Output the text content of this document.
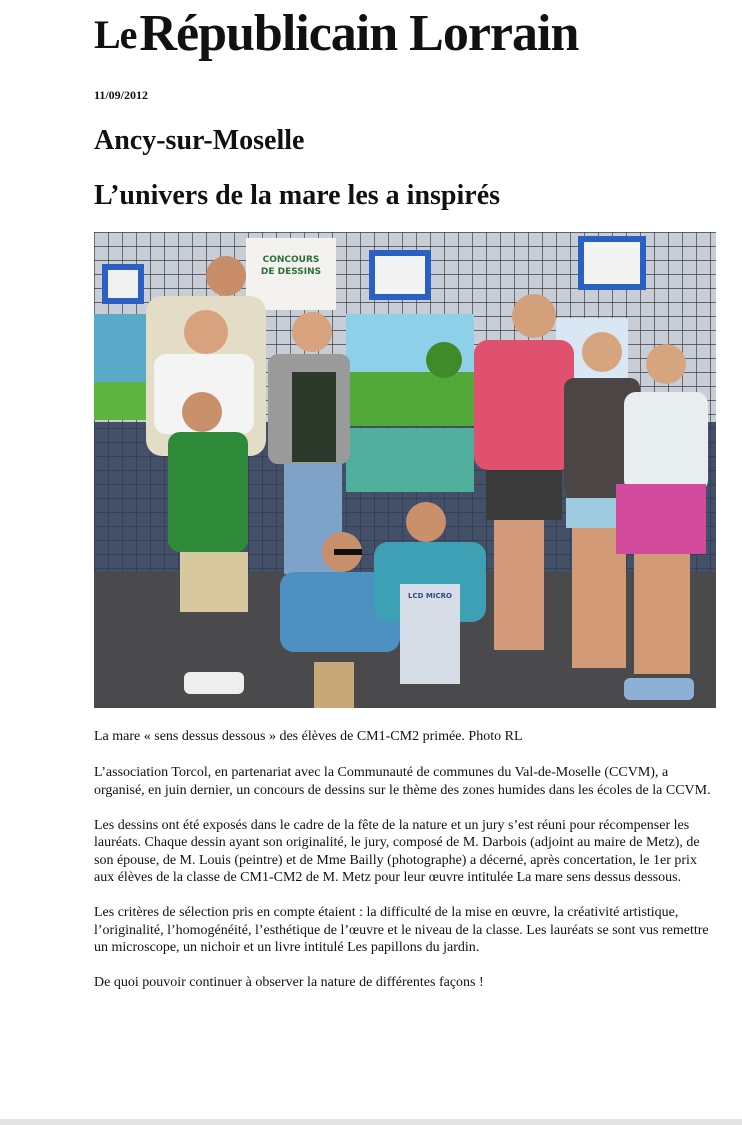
Le Républicain Lorrain
11/09/2012
Ancy-sur-Moselle
L’univers de la mare les a inspirés
CONCOURS
DE DESSINS
LCD MICRO
La mare « sens dessus dessous » des élèves de CM1-CM2 primée. Photo RL

L’association Torcol, en partenariat avec la Communauté de communes du Val-de-Moselle (CCVM), a organisé, en juin dernier, un concours de dessins sur le thème des zones humides dans les écoles de la CCVM.

Les dessins ont été exposés dans le cadre de la fête de la nature et un jury s’est réuni pour récompenser les lauréats. Chaque dessin ayant son originalité, le jury, composé de M. Darbois (adjoint au maire de Metz), de son épouse, de M. Louis (peintre) et de Mme Bailly (photographe) a décerné, après concertation, le 1er prix aux élèves de la classe de CM1-CM2 de M. Metz pour leur œuvre intitulée La mare sens dessus dessous.

Les critères de sélection pris en compte étaient : la difficulté de la mise en œuvre, la créativité artistique, l’originalité, l’homogénéité, l’esthétique de l’œuvre et le niveau de la classe. Les lauréats se sont vus remettre un microscope, un nichoir et un livre intitulé Les papillons du jardin.

De quoi pouvoir continuer à observer la nature de différentes façons !
